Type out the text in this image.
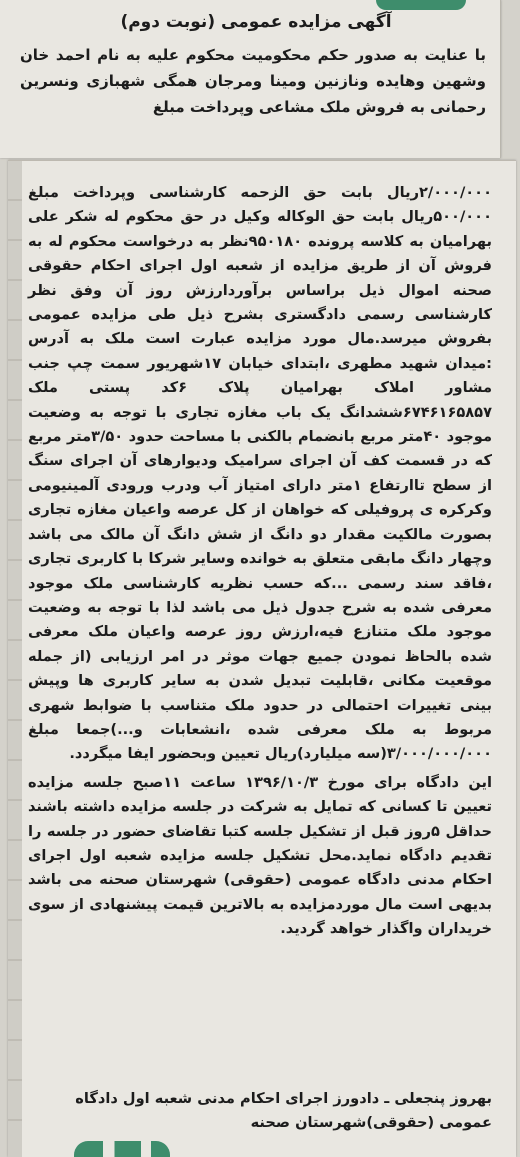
آگهی مزایده عمومی (نوبت دوم)
با عنایت به صدور حکم محکومیت محکوم علیه به نام احمد خان وشهین وهایده ونازنین ومینا ومرجان همگی شهبازی ونسرین رحمانی به فروش ملک مشاعی وپرداخت مبلغ

۲/۰۰۰/۰۰۰ریال بابت حق الزحمه کارشناسی وپرداخت مبلغ ۵۰۰/۰۰۰ریال بابت حق الوکاله وکیل در حق محکوم له شکر علی بهرامیان به کلاسه پرونده ۹۵۰۱۸۰نظر به درخواست محکوم له به فروش آن از طریق مزایده از شعبه اول اجرای احکام حقوقی صحنه اموال ذیل براساس برآوردارزش روز آن وفق نظر کارشناسی رسمی دادگستری بشرح ذیل طی مزایده عمومی بفروش میرسد.مال مورد مزایده عبارت است ملک به آدرس :میدان شهید مطهری ،ابتدای خیابان ۱۷شهریور سمت چپ جنب مشاور املاک بهرامیان پلاک ۶کد پستی ملک ۶۷۴۶۱۶۵۸۵۷ششدانگ یک باب مغازه تجاری با توجه به وضعیت موجود ۴۰متر مربع بانضمام بالکنی با مساحت حدود ۳/۵۰متر مربع که در قسمت کف آن اجرای سرامیک ودیوارهای آن اجرای سنگ از سطح تاارتفاع ۱متر دارای امتیاز آب ودرب ورودی آلمینیومی وکرکره ی پروفیلی که خواهان از کل عرصه واعیان مغازه تجاری بصورت مالکیت مقدار دو دانگ از شش دانگ آن مالک می باشد وچهار دانگ مابقی متعلق به خوانده وسایر شرکا با کاربری تجاری ،فاقد سند رسمی ...که حسب نظریه کارشناسی ملک موجود معرفی شده به شرح جدول ذیل می باشد لذا با توجه به وضعیت موجود ملک متنازع فیه،ارزش روز عرصه واعیان ملک معرفی شده بالحاظ نمودن جمیع جهات موثر در امر ارزیابی (از جمله موقعیت مکانی ،قابلیت تبدیل شدن به سایر کاربری ها وپیش بینی تغییرات احتمالی در حدود ملک متناسب با ضوابط شهری مربوط به ملک معرفی شده ،انشعابات و...)جمعا مبلغ ۳/۰۰۰/۰۰۰/۰۰۰(سه میلیارد)ریال تعیین وبحضور ایفا میگردد.

این دادگاه برای مورخ ۱۳۹۶/۱۰/۳ ساعت ۱۱صبح جلسه مزایده تعیین تا کسانی که تمایل به شرکت در جلسه مزایده داشته باشند حداقل ۵روز قبل از تشکیل جلسه کتبا تقاضای حضور در جلسه را تقدیم دادگاه نماید.محل تشکیل جلسه مزایده شعبه اول اجرای احکام مدنی دادگاه عمومی (حقوقی) شهرستان صحنه می باشد بدیهی است مال موردمزایده به بالاترین قیمت پیشنهادی از سوی خریداران واگذار خواهد گردید.

بهروز پنجعلی ـ دادورز اجرای احکام مدنی شعبه اول دادگاه عمومی (حقوقی)شهرستان صحنه
